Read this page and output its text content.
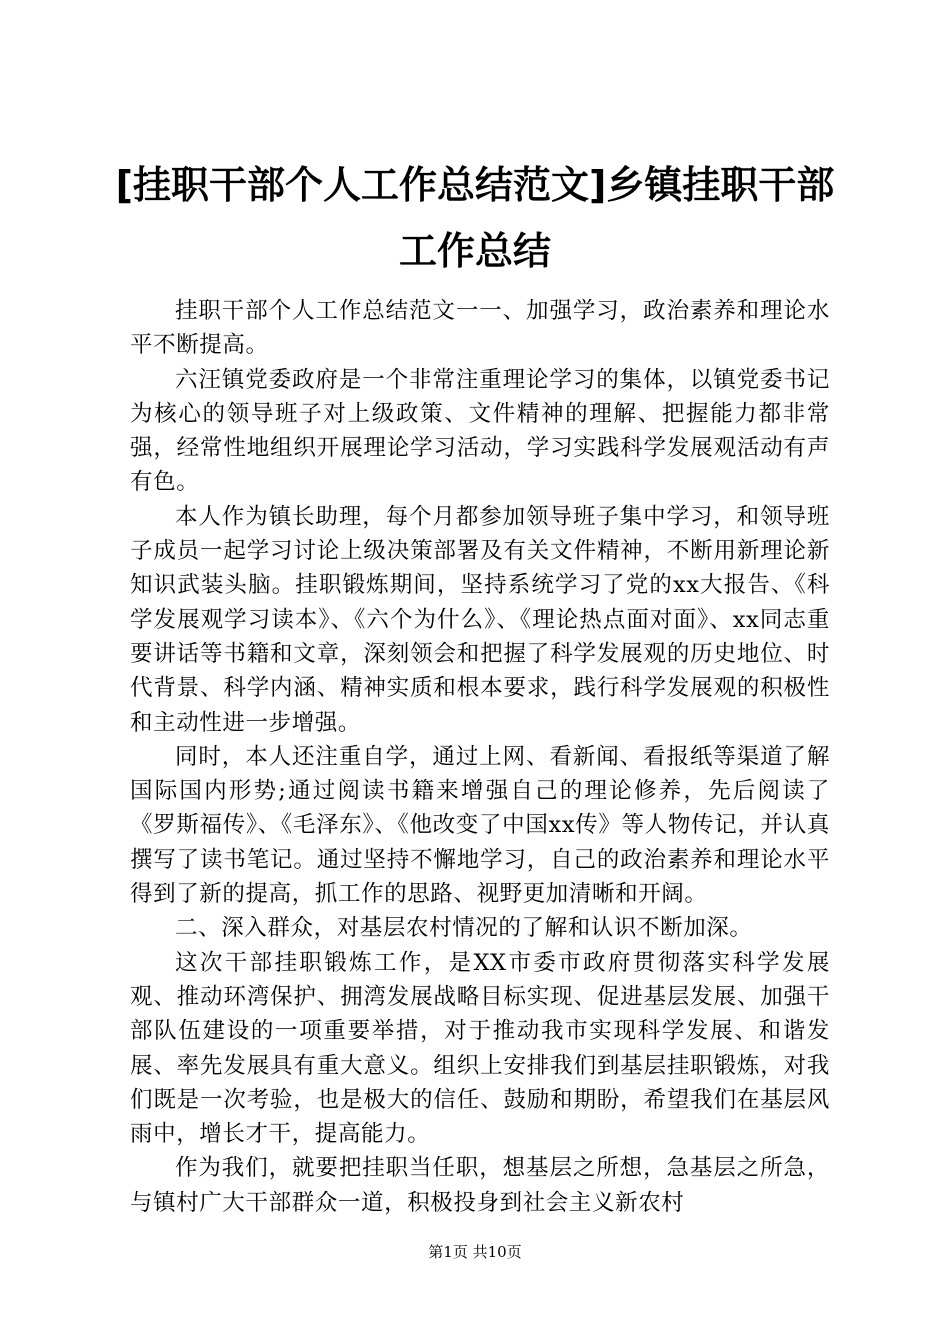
[挂职干部个人工作总结范文]乡镇挂职干部工作总结

挂职干部个人工作总结范文一一、加强学习，政治素养和理论水平不断提高。

六汪镇党委政府是一个非常注重理论学习的集体，以镇党委书记为核心的领导班子对上级政策、文件精神的理解、把握能力都非常强，经常性地组织开展理论学习活动，学习实践科学发展观活动有声有色。

本人作为镇长助理，每个月都参加领导班子集中学习，和领导班子成员一起学习讨论上级决策部署及有关文件精神，不断用新理论新知识武装头脑。挂职锻炼期间，坚持系统学习了党的xx大报告、《科学发展观学习读本》、《六个为什么》、《理论热点面对面》、xx同志重要讲话等书籍和文章，深刻领会和把握了科学发展观的历史地位、时代背景、科学内涵、精神实质和根本要求，践行科学发展观的积极性和主动性进一步增强。

同时，本人还注重自学，通过上网、看新闻、看报纸等渠道了解国际国内形势;通过阅读书籍来增强自己的理论修养，先后阅读了《罗斯福传》、《毛泽东》、《他改变了中国xx传》等人物传记，并认真撰写了读书笔记。通过坚持不懈地学习，自己的政治素养和理论水平得到了新的提高，抓工作的思路、视野更加清晰和开阔。

二、深入群众，对基层农村情况的了解和认识不断加深。

这次干部挂职锻炼工作，是XX市委市政府贯彻落实科学发展观、推动环湾保护、拥湾发展战略目标实现、促进基层发展、加强干部队伍建设的一项重要举措，对于推动我市实现科学发展、和谐发展、率先发展具有重大意义。组织上安排我们到基层挂职锻炼，对我们既是一次考验，也是极大的信任、鼓励和期盼，希望我们在基层风雨中，增长才干，提高能力。

作为我们，就要把挂职当任职，想基层之所想，急基层之所急，与镇村广大干部群众一道，积极投身到社会主义新农村

第1页 共10页
